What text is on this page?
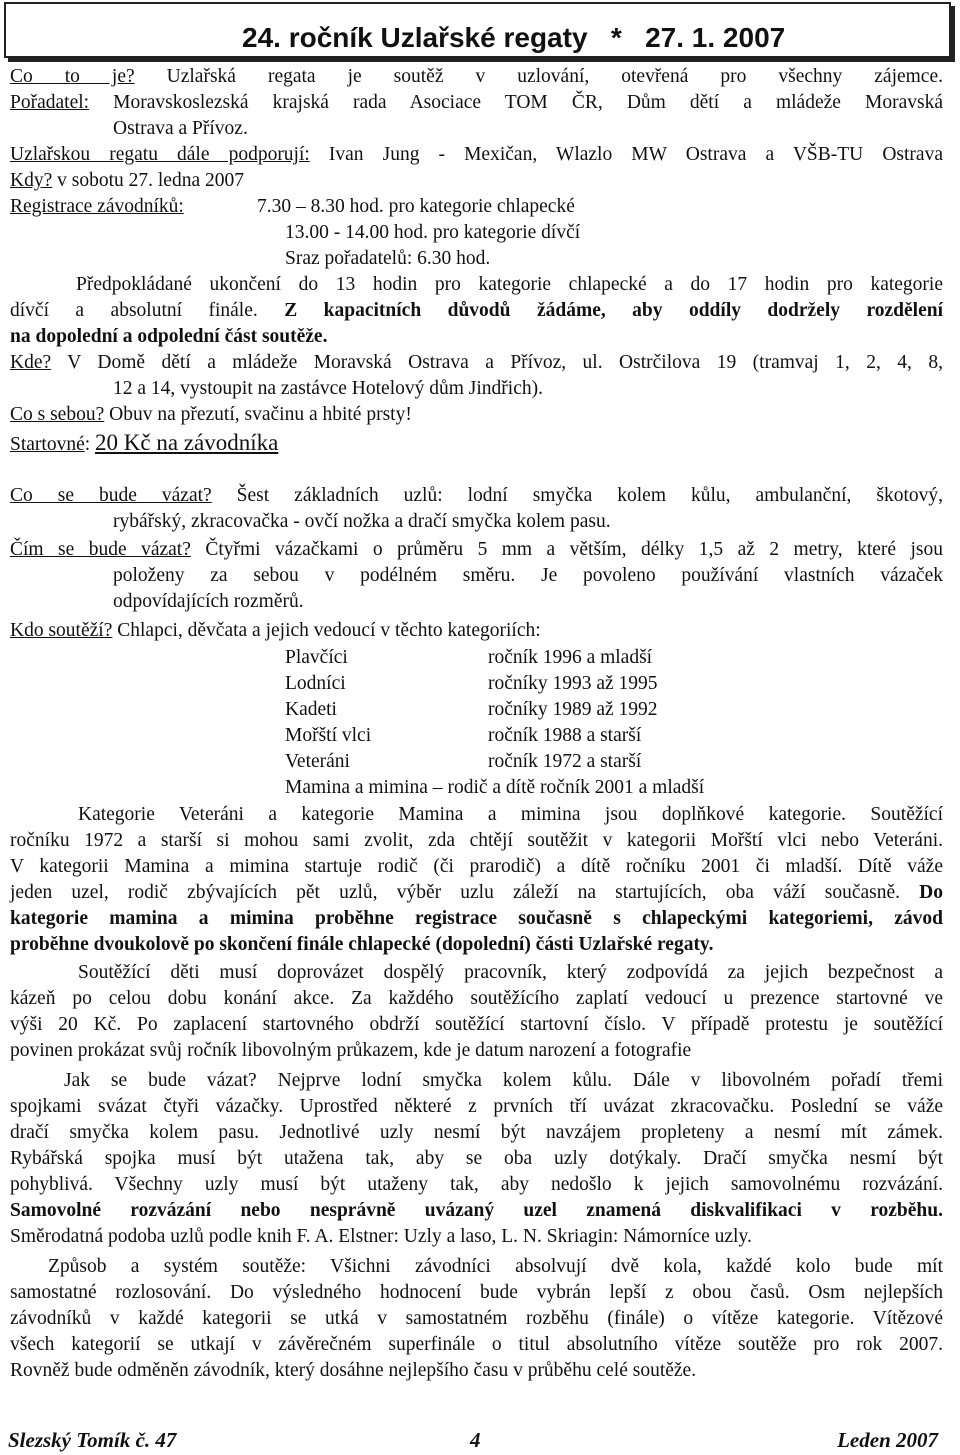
24. ročník Uzlařské regaty   *   27. 1. 2007
Co to je? Uzlařská regata je soutěž v uzlování, otevřená pro všechny zájemce.
Pořadatel: Moravskoslezská krajská rada Asociace TOM ČR, Dům dětí a mládeže Moravská
Ostrava a Přívoz.
Uzlařskou regatu dále podporují: Ivan Jung - Mexičan, Wlazlo MW Ostrava a VŠB-TU Ostrava
Kdy? v sobotu 27. ledna 2007
Registrace závodníků:	7.30 – 8.30 hod. pro kategorie chlapecké
13.00 - 14.00 hod. pro kategorie dívčí
Sraz pořadatelů: 6.30 hod.
Předpokládané ukončení do 13 hodin pro kategorie chlapecké a do 17 hodin pro kategorie
dívčí a absolutní finále. Z kapacitních důvodů žádáme, aby oddíly dodržely rozdělení
na dopolední a odpolední část soutěže.
Kde? V Domě dětí a mládeže Moravská Ostrava a Přívoz, ul. Ostrčilova 19 (tramvaj 1, 2, 4, 8,
12 a 14, vystoupit na zastávce Hotelový dům Jindřich).
Co s sebou? Obuv na přezutí, svačinu a hbité prsty!
Startovné: 20 Kč na závodníka
Co se bude vázat? Šest základních uzlů: lodní smyčka kolem kůlu, ambulanční, škotový,
rybářský, zkracovačka - ovčí nožka a dračí smyčka kolem pasu.
Čím se bude vázat? Čtyřmi vázačkami o průměru 5 mm a větším, délky 1,5 až 2 metry, které jsou
položeny za sebou v podélném směru. Je povoleno používání vlastních vázaček
odpovídajících rozměrů.
Kdo soutěží? Chlapci, děvčata a jejich vedoucí v těchto kategoriích:
Plavčíci	ročník 1996 a mladší
Lodníci	ročníky 1993 až 1995
Kadeti	ročníky 1989 až 1992
Mořští vlci	ročník 1988 a starší
Veteráni	ročník 1972 a starší
Mamina a mimina – rodič a dítě ročník 2001 a mladší
Kategorie Veteráni a kategorie Mamina a mimina jsou doplňkové kategorie. Soutěžící
ročníku 1972 a starší si mohou sami zvolit, zda chtějí soutěžit v kategorii Mořští vlci nebo Veteráni.
V kategorii Mamina a mimina startuje rodič (či prarodič) a dítě ročníku 2001 či mladší. Dítě váže
jeden uzel, rodič zbývajících pět uzlů, výběr uzlu záleží na startujících, oba váží současně. Do
kategorie mamina a mimina proběhne registrace současně s chlapeckými kategoriemi, závod
proběhne dvoukolově po skončení finále chlapecké (dopolední) části Uzlařské regaty.
Soutěžící děti musí doprovázet dospělý pracovník, který zodpovídá za jejich bezpečnost a
kázeň po celou dobu konání akce. Za každého soutěžícího zaplatí vedoucí u prezence startovné ve
výši 20 Kč. Po zaplacení startovného obdrží soutěžící startovní číslo. V případě protestu je soutěžící
povinen prokázat svůj ročník libovolným průkazem, kde je datum narození a fotografie
Jak se bude vázat? Nejprve lodní smyčka kolem kůlu. Dále v libovolném pořadí třemi
spojkami svázat čtyři vázačky. Uprostřed některé z prvních tří uvázat zkracovačku. Poslední se váže
dračí smyčka kolem pasu. Jednotlivé uzly nesmí být navzájem propleteny a nesmí mít zámek.
Rybářská spojka musí být utažena tak, aby se oba uzly dotýkaly. Dračí smyčka nesmí být
pohyblivá. Všechny uzly musí být utaženy tak, aby nedošlo k jejich samovolnému rozvázání.
Samovolné rozvázání nebo nesprávně uvázaný uzel znamená diskvalifikaci v rozběhu.
Směrodatná podoba uzlů podle knih F. A. Elstner: Uzly a laso, L. N. Skriagin: Námorníce uzly.
Způsob a systém soutěže: Všichni závodníci absolvují dvě kola, každé kolo bude mít
samostatné rozlosování. Do výsledného hodnocení bude vybrán lepší z obou časů. Osm nejlepších
závodníků v každé kategorii se utká v samostatném rozběhu (finále) o vítěze kategorie. Vítězové
všech kategorií se utkají v závěrečném superfinále o titul absolutního vítěze soutěže pro rok 2007.
Rovněž bude odměněn závodník, který dosáhne nejlepšího času v průběhu celé soutěže.
Slezský Tomík č. 47	4	Leden 2007
